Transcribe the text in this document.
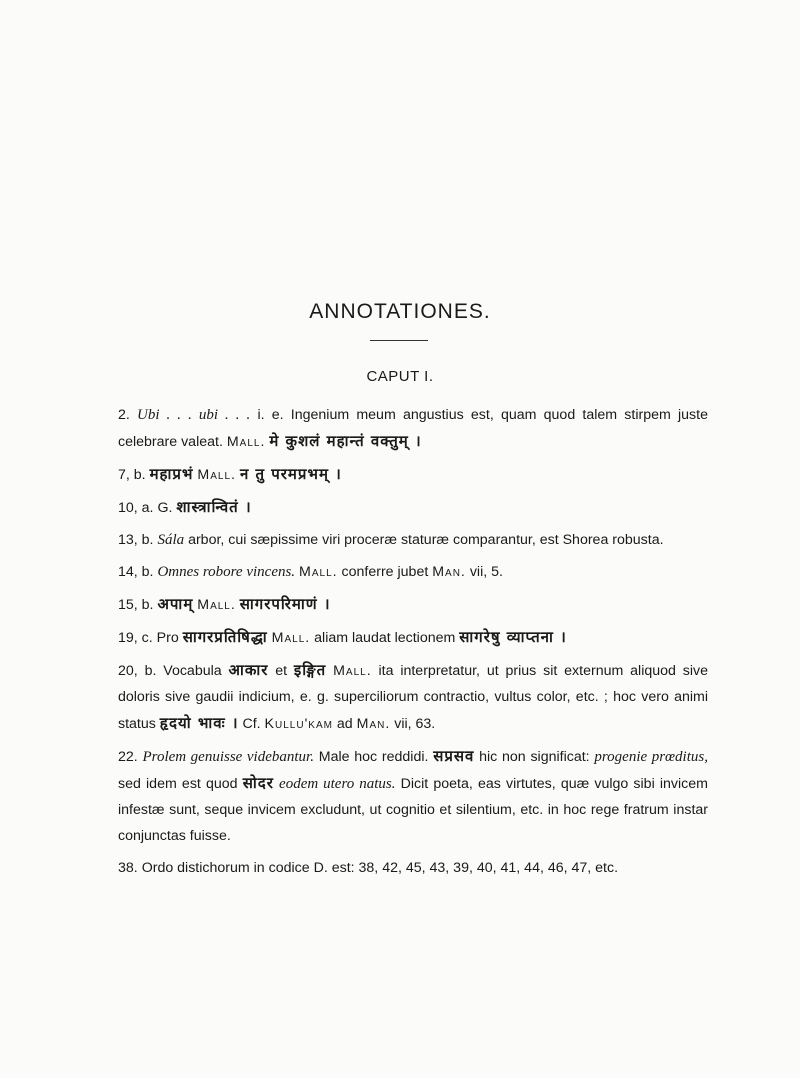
ANNOTATIONES.
CAPUT I.

2. Ubi . . . ubi . . . i. e. Ingenium meum angustius est, quam quod talem stirpem juste celebrare valeat. Mall. मे कुशलं महान्तं वक्तुम्‌ ।

7, b. महाप्रभं Mall. न तु परमप्रभम्‌ ।

10, a. G. शास्त्रान्वितं ।

13, b. Sála arbor, cui sæpissime viri proceræ staturæ comparantur, est Shorea robusta.

14, b. Omnes robore vincens. Mall. conferre jubet Man. vii, 5.

15, b. अपाम् Mall. सागरपरिमाणं ।

19, c. Pro सागरप्रतिषिद्धा Mall. aliam laudat lectionem सागरेषु व्याप्तना ।

20, b. Vocabula आकार et इङ्गित Mall. ita interpretatur, ut prius sit externum aliquod sive doloris sive gaudii indicium, e. g. superciliorum contractio, vultus color, etc. ; hoc vero animi status हृदयो भावः । Cf. Kullu'kam ad Man. vii, 63.

22. Prolem genuisse videbantur. Male hoc reddidi. सप्रसव hic non significat: progenie prœditus, sed idem est quod सोदर eodem utero natus. Dicit poeta, eas virtutes, quæ vulgo sibi invicem infestæ sunt, seque invicem excludunt, ut cognitio et silentium, etc. in hoc rege fratrum instar conjunctas fuisse.

38. Ordo distichorum in codice D. est: 38, 42, 45, 43, 39, 40, 41, 44, 46, 47, etc.
